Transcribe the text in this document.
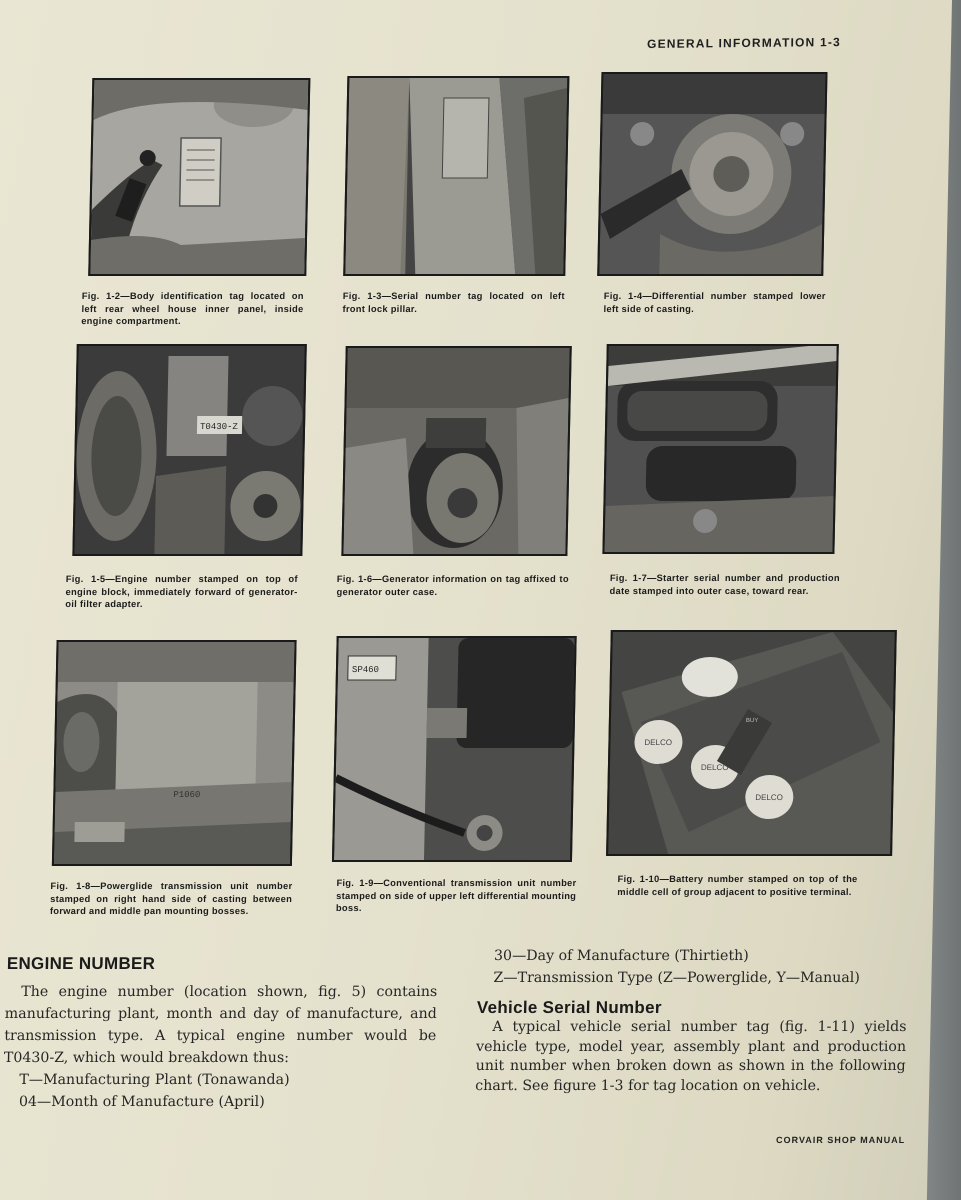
GENERAL INFORMATION 1-3
Fig. 1-2—Body identification tag located on left rear wheel house inner panel, inside engine compartment.
Fig. 1-3—Serial number tag located on left front lock pillar.
Fig. 1-4—Differential number stamped lower left side of casting.
T0430-Z
Fig. 1-5—Engine number stamped on top of engine block, immediately forward of generator-oil filter adapter.
Fig. 1-6—Generator information on tag affixed to generator outer case.
Fig. 1-7—Starter serial number and production date stamped into outer case, toward rear.
P1060
Fig. 1-8—Powerglide transmission unit number stamped on right hand side of casting between forward and middle pan mounting bosses.
SP460
Fig. 1-9—Conventional transmission unit number stamped on side of upper left differential mounting boss.
DELCO
DELCO
DELCO
BUY
Fig. 1-10—Battery number stamped on top of the middle cell of group adjacent to positive terminal.
ENGINE NUMBER

The engine number (location shown, fig. 5) contains manufacturing plant, month and day of manufacture, and transmission type. A typical engine number would be T0430-Z, which would breakdown thus:

T—Manufacturing Plant (Tonawanda)

04—Month of Manufacture (April)

30—Day of Manufacture (Thirtieth)

Z—Transmission Type (Z—Powerglide, Y—Manual)

Vehicle Serial Number

A typical vehicle serial number tag (fig. 1-11) yields vehicle type, model year, assembly plant and production unit number when broken down as shown in the following chart. See figure 1-3 for tag location on vehicle.

CORVAIR SHOP MANUAL
